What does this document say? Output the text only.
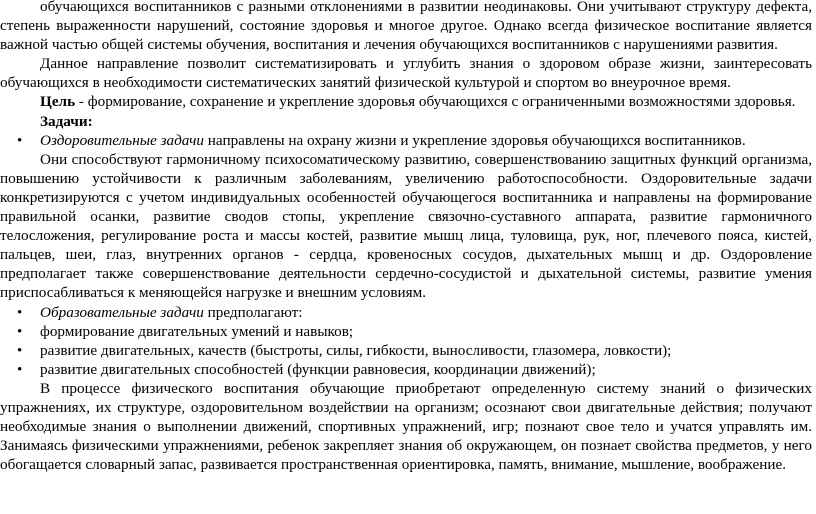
обучающихся воспитанников с разными отклонениями в развитии неодинаковы. Они учитывают структуру дефекта, степень выраженности нарушений, состояние здоровья и многое другое. Однако всегда физическое воспитание является важной частью общей системы обучения, воспитания и лечения обучающихся воспитанников с нарушениями развития.

Данное направление позволит систематизировать и углубить знания о здоровом образе жизни, заинтересовать обучающихся в необходимости систематических занятий физической культурой и спортом во внеурочное время.

Цель - формирование, сохранение и укрепление здоровья обучающихся с ограниченными возможностями здоровья.

Задачи:

• Оздоровительные задачи направлены на охрану жизни и укрепление здоровья обучающихся воспитанников.

Они способствуют гармоничному психосоматическому развитию, совершенствованию защитных функций организма, повышению устойчивости к различным заболеваниям, увеличению работоспособности. Оздоровительные задачи конкретизируются с учетом индивидуальных особенностей обучающегося воспитанника и направлены на формирование правильной осанки, развитие сводов стопы, укрепление связочно-суставного аппарата, развитие гармоничного телосложения, регулирование роста и массы костей, развитие мышц лица, туловища, рук, ног, плечевого пояса, кистей, пальцев, шеи, глаз, внутренних органов - сердца, кровеносных сосудов, дыхательных мышц и др. Оздоровление предполагает также совершенствование деятельности сердечно-сосудистой и дыхательной системы, развитие умения приспосабливаться к меняющейся нагрузке и внешним условиям.

• Образовательные задачи предполагают:

• формирование двигательных умений и навыков;

• развитие двигательных, качеств (быстроты, силы, гибкости, выносливости, глазомера, ловкости);

• развитие двигательных способностей (функции равновесия, координации движений);

В процессе физического воспитания обучающие приобретают определенную систему знаний о физических упражнениях, их структуре, оздоровительном воздействии на организм; осознают свои двигательные действия; получают необходимые знания о выполнении движений, спортивных упражнений, игр; познают свое тело и учатся управлять им. Занимаясь физическими упражнениями, ребенок закрепляет знания об окружающем, он познает свойства предметов, у него обогащается словарный запас, развивается пространственная ориентировка, память, внимание, мышление, воображение.
